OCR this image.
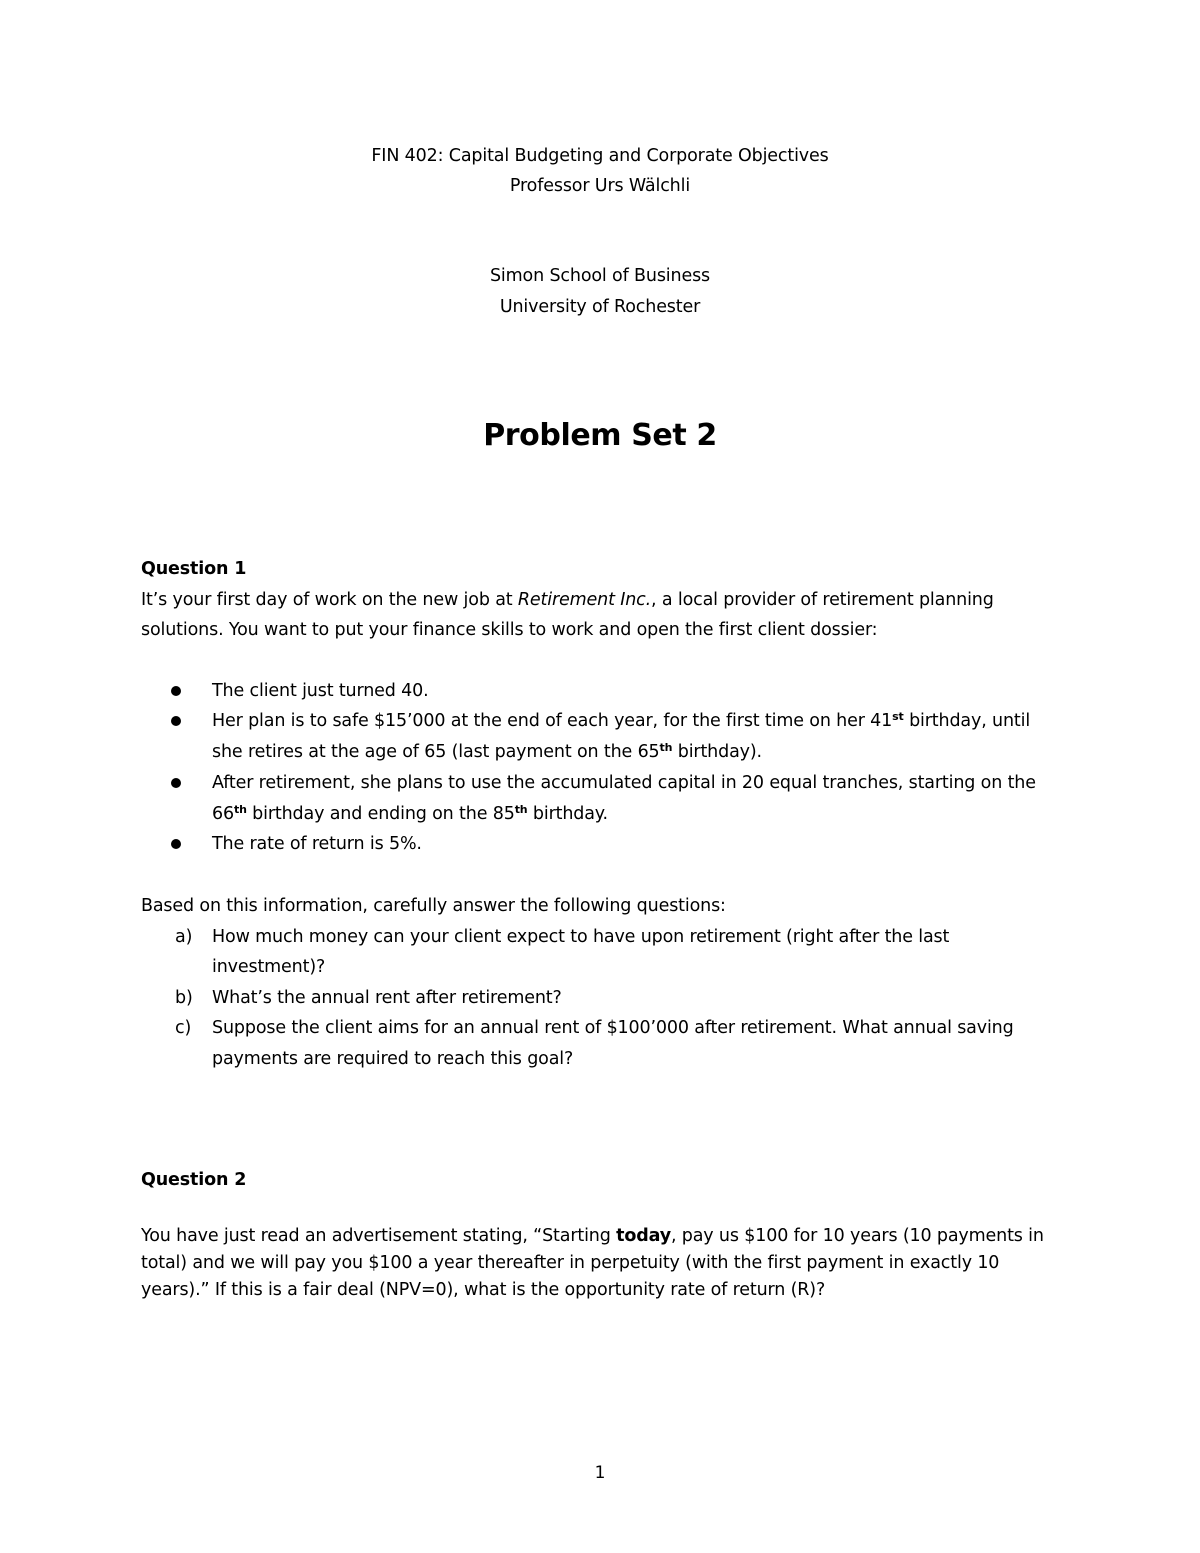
FIN 402: Capital Budgeting and Corporate Objectives
Professor Urs Wälchli
Simon School of Business
University of Rochester
Problem Set 2
Question 1
It’s your first day of work on the new job at Retirement Inc., a local provider of retirement planning
solutions. You want to put your finance skills to work and open the first client dossier:
The client just turned 40.
Her plan is to safe $15’000 at the end of each year, for the first time on her 41st birthday, until
she retires at the age of 65 (last payment on the 65th birthday).
After retirement, she plans to use the accumulated capital in 20 equal tranches, starting on the
66th birthday and ending on the 85th birthday.
The rate of return is 5%.
Based on this information, carefully answer the following questions:
a) How much money can your client expect to have upon retirement (right after the last
investment)?
b) What’s the annual rent after retirement?
c) Suppose the client aims for an annual rent of $100’000 after retirement. What annual saving
payments are required to reach this goal?
Question 2
You have just read an advertisement stating, “Starting today, pay us $100 for 10 years (10 payments in
total) and we will pay you $100 a year thereafter in perpetuity (with the first payment in exactly 10
years).” If this is a fair deal (NPV=0), what is the opportunity rate of return (R)?
1
